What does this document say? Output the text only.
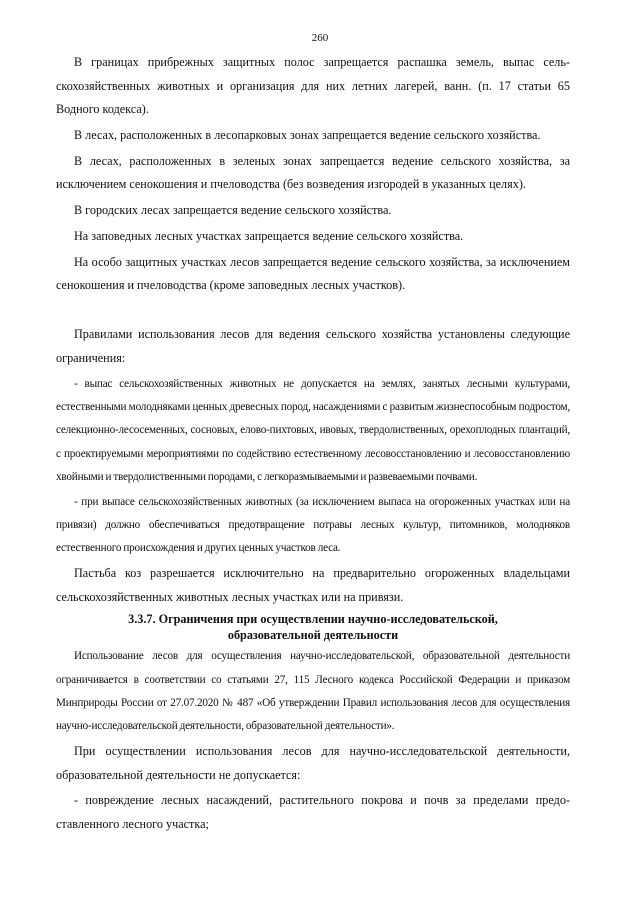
260

В границах прибрежных защитных полос запрещается распашка земель, выпас сельскохозяйственных животных и организация для них летних лагерей, ванн. (п. 17 статьи 65 Водного кодекса).

В лесах, расположенных в лесопарковых зонах запрещается ведение сельского хозяйства.

В лесах, расположенных в зеленых зонах запрещается ведение сельского хозяйства, за исключением сенокошения и пчеловодства (без возведения изгородей в указанных целях).

В городских лесах запрещается ведение сельского хозяйства.

На заповедных лесных участках запрещается ведение сельского хозяйства.

На особо защитных участках лесов запрещается ведение сельского хозяйства, за исключением сенокошения и пчеловодства (кроме заповедных лесных участков).

Правилами использования лесов для ведения сельского хозяйства установлены следующие ограничения:

- выпас сельскохозяйственных животных не допускается на землях, занятых лесными культурами, естественными молодняками ценных древесных пород, насаждениями с развитым жизнеспособным подростом, селекционно-лесосеменных, сосновых, елово-пихтовых, ивовых, твердолиственных, орехоплодных плантаций, с проектируемыми мероприятиями по содействию естественному лесовосстановлению и лесовосстановлению хвойными и твердолиственными породами, с легкоразмываемыми и развеваемыми почвами.

- при выпасе сельскохозяйственных животных (за исключением выпаса на огороженных участках или на привязи) должно обеспечиваться предотвращение потравы лесных культур, питомников, молодняков естественного происхождения и других ценных участков леса.

Пастьба коз разрешается исключительно на предварительно огороженных владельцами сельскохозяйственных животных лесных участках или на привязи.

3.3.7. Ограничения при осуществлении научно-исследовательской,
образовательной деятельности

Использование лесов для осуществления научно-исследовательской, образовательной деятельности ограничивается в соответствии со статьями 27, 115 Лесного кодекса Российской Федерации и приказом Минприроды России от 27.07.2020 № 487 «Об утверждении Правил использования лесов для осуществления научно-исследовательской деятельности, образовательной деятельности».

При осуществлении использования лесов для научно-исследовательской деятельности, образовательной деятельности не допускается:

- повреждение лесных насаждений, растительного покрова и почв за пределами предоставленного лесного участка;
